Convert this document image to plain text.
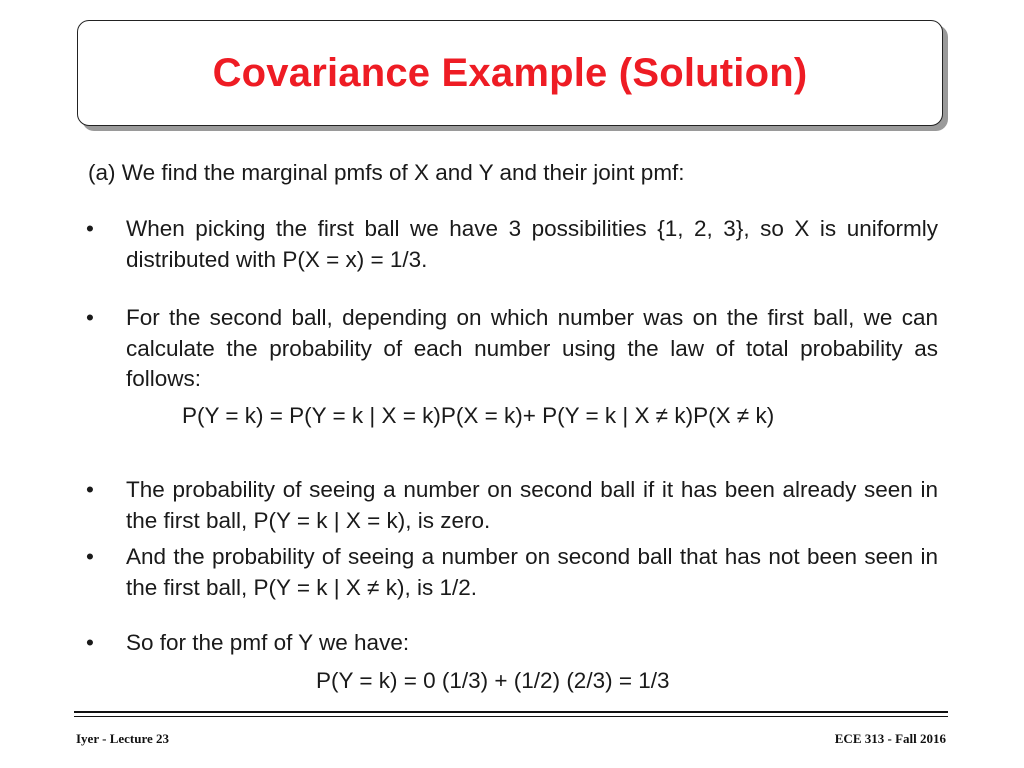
Covariance Example (Solution)
(a) We find the marginal pmfs of X and Y and their joint pmf:
•	When picking the first ball we have 3 possibilities {1, 2, 3}, so X is uniformly distributed with P(X = x) = 1/3.
•	For the second ball, depending on which number was on the first ball, we can calculate the probability of each number using the law of total probability as follows:
P(Y = k) = P(Y = k | X = k)P(X = k)+ P(Y = k | X ≠ k)P(X ≠ k)
•	The probability of seeing a number on second ball if it has been already seen in the first ball, P(Y = k | X = k), is zero.
•	And the probability of seeing a number on second ball that has not been seen in the first ball, P(Y = k | X ≠ k), is 1/2.
•	So for the pmf of Y we have:
P(Y = k) = 0 (1/3) + (1/2) (2/3) = 1/3
Iyer - Lecture 23	ECE 313 - Fall 2016
